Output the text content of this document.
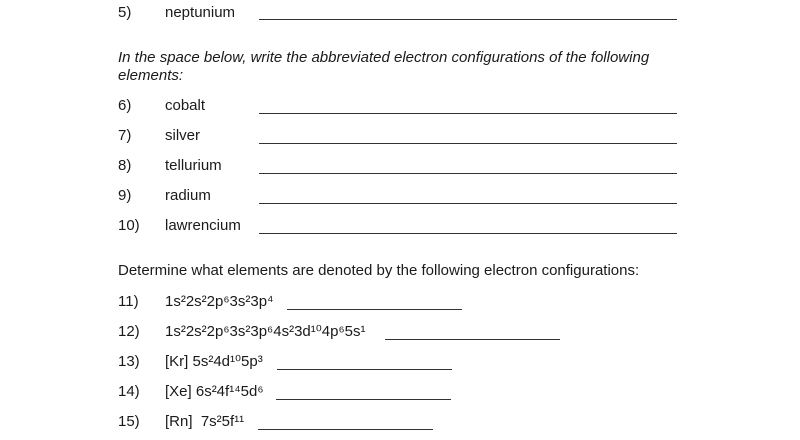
5) neptunium
In the space below, write the abbreviated electron configurations of the following elements:
6) cobalt
7) silver
8) tellurium
9) radium
10) lawrencium
Determine what elements are denoted by the following electron configurations:
11) 1s²2s²2p⁶3s²3p⁴
12) 1s²2s²2p⁶3s²3p⁶4s²3d¹⁰4p⁶5s¹
13) [Kr] 5s²4d¹⁰5p³
14) [Xe] 6s²4f¹⁴5d⁶
15) [Rn]  7s²5f¹¹
